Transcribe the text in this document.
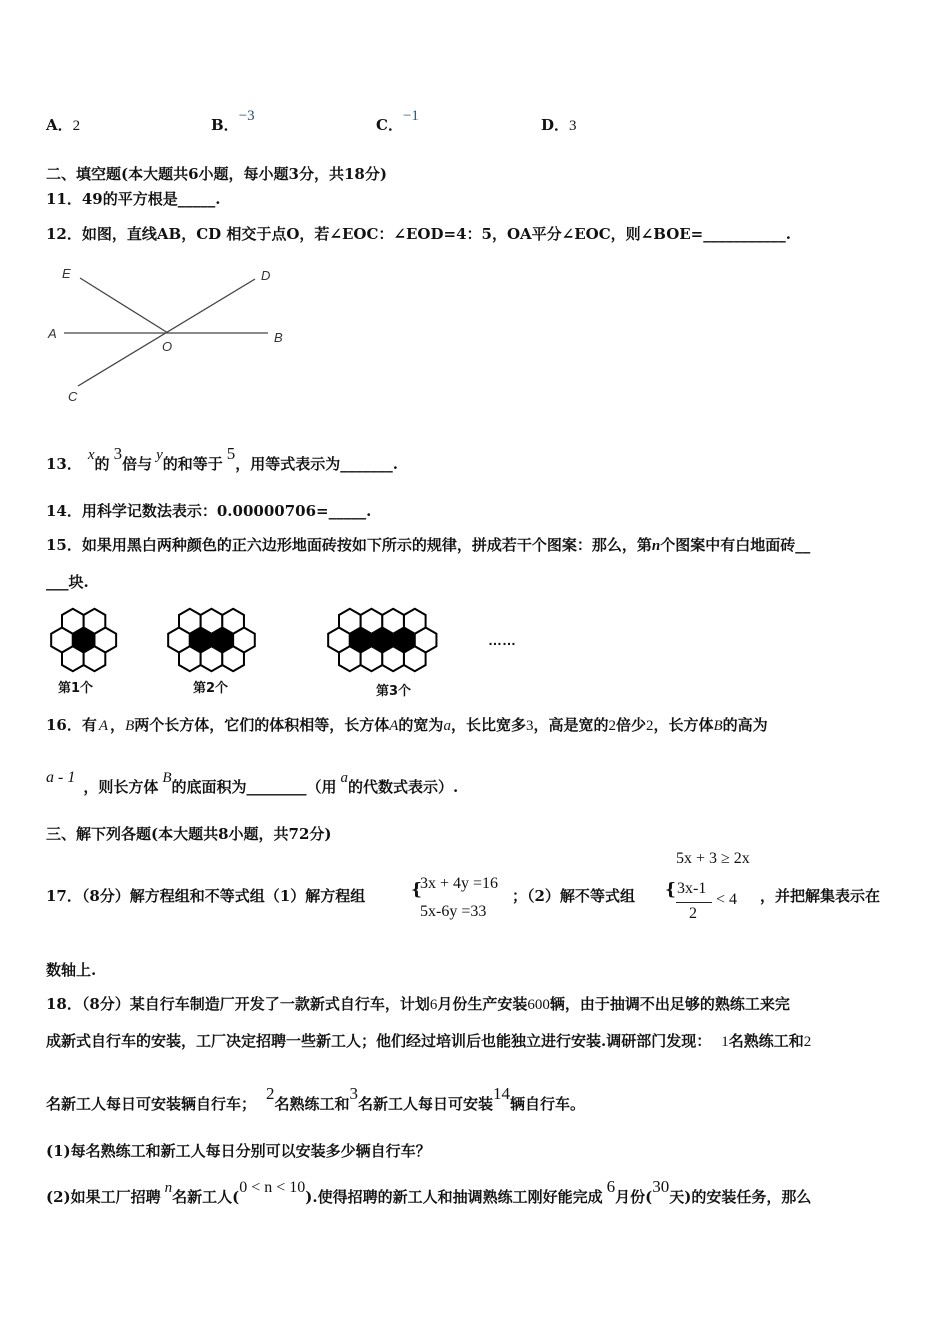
A．2	B．−3	C．−1	D．3
二、填空题(本大题共6小题，每小题3分，共18分)
11．49的平方根是_____.
12．如图，直线AB，CD 相交于点O，若∠EOC：∠EOD=4：5，OA平分∠EOC，则∠BOE=___________.
E	D
A
O
B
C
13． x的3倍与 y的和等于5，用等式表示为_______.
14．用科学记数法表示：0.00000706=_____.
15．如果用黑白两种颜色的正六边形地面砖按如下所示的规律，拼成若干个图案：那么，第n个图案中有白地面砖__
___块.
第1个	第2个	第3个
……
16．有 A ，B两个长方体，它们的体积相等，长方体A的宽为a，长比宽多3，高是宽的2倍少2，长方体B的高为
a - 1，则长方体 B的底面积为________（用 a的代数式表示）.
三、解下列各题(本大题共8小题，共72分)
5x + 3 ≥ 2x
17．（8分）解方程组和不等式组（1）解方程组	{
3x + 4y =16
5x-6y =33
；（2）解不等式组 { 3x-1
2
< 4 ，并把解集表示在
数轴上.
18．（8分）某自行车制造厂开发了一款新式自行车，计划6月份生产安装600辆，由于抽调不出足够的熟练工来完
成新式自行车的安装，工厂决定招聘一些新工人；他们经过培训后也能独立进行安装.调研部门发现： 1名熟练工和2
名新工人每日可安装辆自行车；2名熟练工和3名新工人每日可安装14辆自行车。
(1)每名熟练工和新工人每日分别可以安装多少辆自行车？
(2)如果工厂招聘 n名新工人(0 < n < 10).使得招聘的新工人和抽调熟练工刚好能完成6月份(30天)的安装任务，那么
